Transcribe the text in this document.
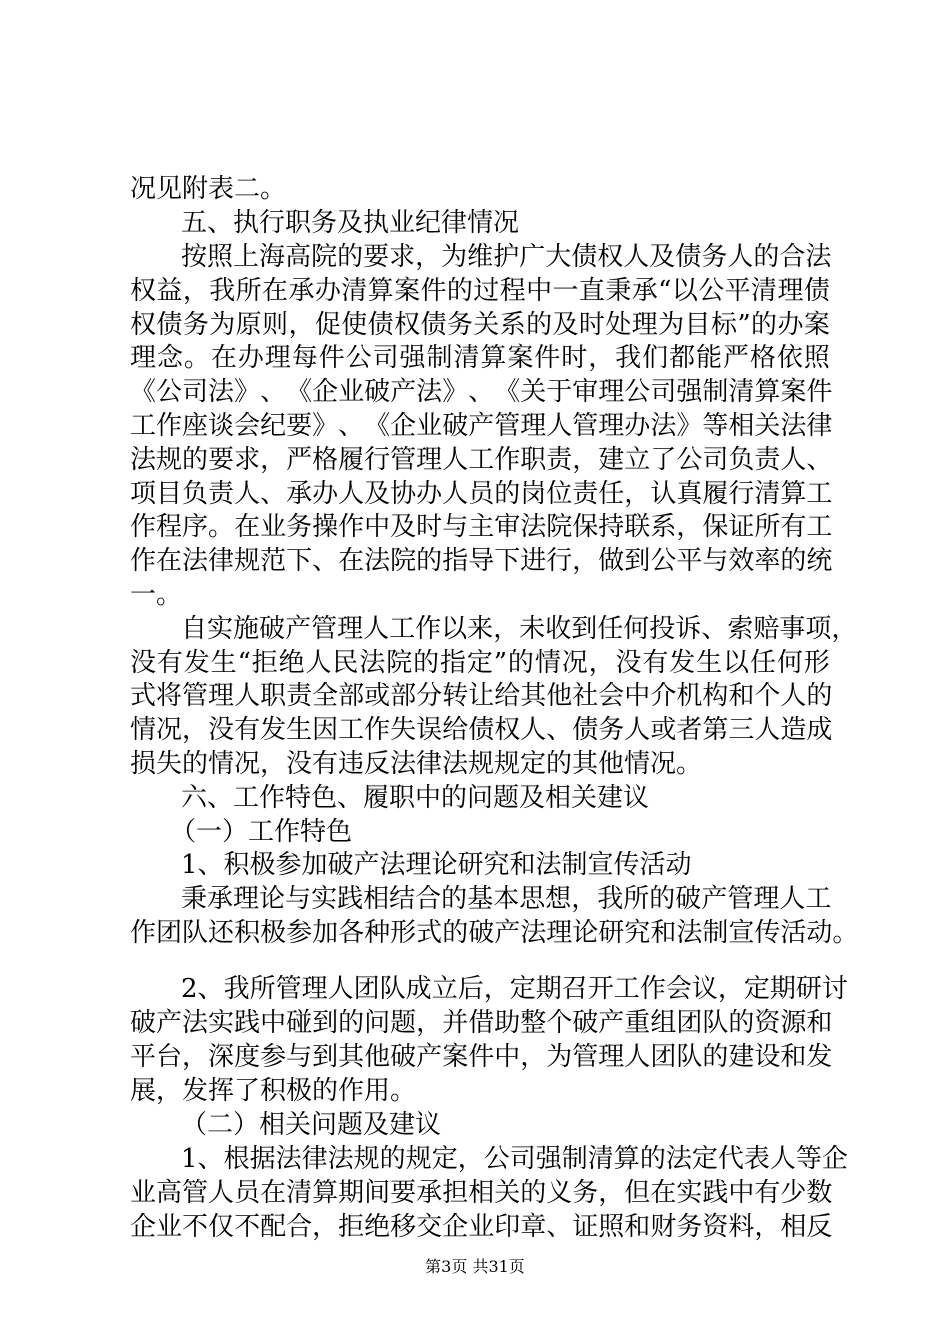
况见附表二。
五、执行职务及执业纪律情况
按 照 上 海 高 院 的 要 求 ， 为 维 护 广 大 债 权 人 及 债 务 人 的 合 法
权 益 ， 我 所 在 承 办 清 算 案 件 的 过 程 中 一 直 秉 承 “ 以 公 平 清 理 债
权 债 务 为 原 则 ， 促 使 债 权 债 务 关 系 的 及 时 处 理 为 目 标 ” 的 办 案
理 念 。 在 办 理 每 件 公 司 强 制 清 算 案 件 时 ， 我 们 都 能 严 格 依 照
《 公 司 法 》 、 《 企 业 破 产 法 》 、 《 关 于 审 理 公 司 强 制 清 算 案 件
工 作 座 谈 会 纪 要 》 、 《 企 业 破 产 管 理 人 管 理 办 法 》 等 相 关 法 律
法 规 的 要 求 ， 严 格 履 行 管 理 人 工 作 职 责 ， 建 立 了 公 司 负 责 人 、
项 目 负 责 人 、 承 办 人 及 协 办 人 员 的 岗 位 责 任 ， 认 真 履 行 清 算 工
作 程 序 。 在 业 务 操 作 中 及 时 与 主 审 法 院 保 持 联 系 ， 保 证 所 有 工
作 在 法 律 规 范 下 、 在 法 院 的 指 导 下 进 行 ， 做 到 公 平 与 效 率 的 统
一。
自 实 施 破 产 管 理 人 工 作 以 来 ， 未 收 到 任 何 投 诉 、 索 赔 事 项 ，
没 有 发 生 “ 拒 绝 人 民 法 院 的 指 定 ” 的 情 况 ， 没 有 发 生 以 任 何 形
式 将 管 理 人 职 责 全 部 或 部 分 转 让 给 其 他 社 会 中 介 机 构 和 个 人 的
情 况 ， 没 有 发 生 因 工 作 失 误 给 债 权 人 、 债 务 人 或 者 第 三 人 造 成
损失的情况，没有违反法律法规规定的其他情况。
六、工作特色、履职中的问题及相关建议
（一）工作特色
1、积极参加破产法理论研究和法制宣传活动
秉 承 理 论 与 实 践 相 结 合 的 基 本 思 想 ， 我 所 的 破 产 管 理 人 工
作 团 队 还 积 极 参 加 各 种 形 式 的 破 产 法 理 论 研 究 和 法 制 宣 传 活 动 。
2 、 我 所 管 理 人 团 队 成 立 后 ， 定 期 召 开 工 作 会 议 ， 定 期 研 讨
破 产 法 实 践 中 碰 到 的 问 题 ， 并 借 助 整 个 破 产 重 组 团 队 的 资 源 和
平 台 ， 深 度 参 与 到 其 他 破 产 案 件 中 ， 为 管 理 人 团 队 的 建 设 和 发
展，发挥了积极的作用。
（二）相关问题及建议
1 、 根 据 法 律 法 规 的 规 定 ， 公 司 强 制 清 算 的 法 定 代 表 人 等 企
业 高 管 人 员 在 清 算 期 间 要 承 担 相 关 的 义 务 ， 但 在 实 践 中 有 少 数
企 业 不 仅 不 配 合 ， 拒 绝 移 交 企 业 印 章 、 证 照 和 财 务 资 料 ， 相 反
第3页 共31页
